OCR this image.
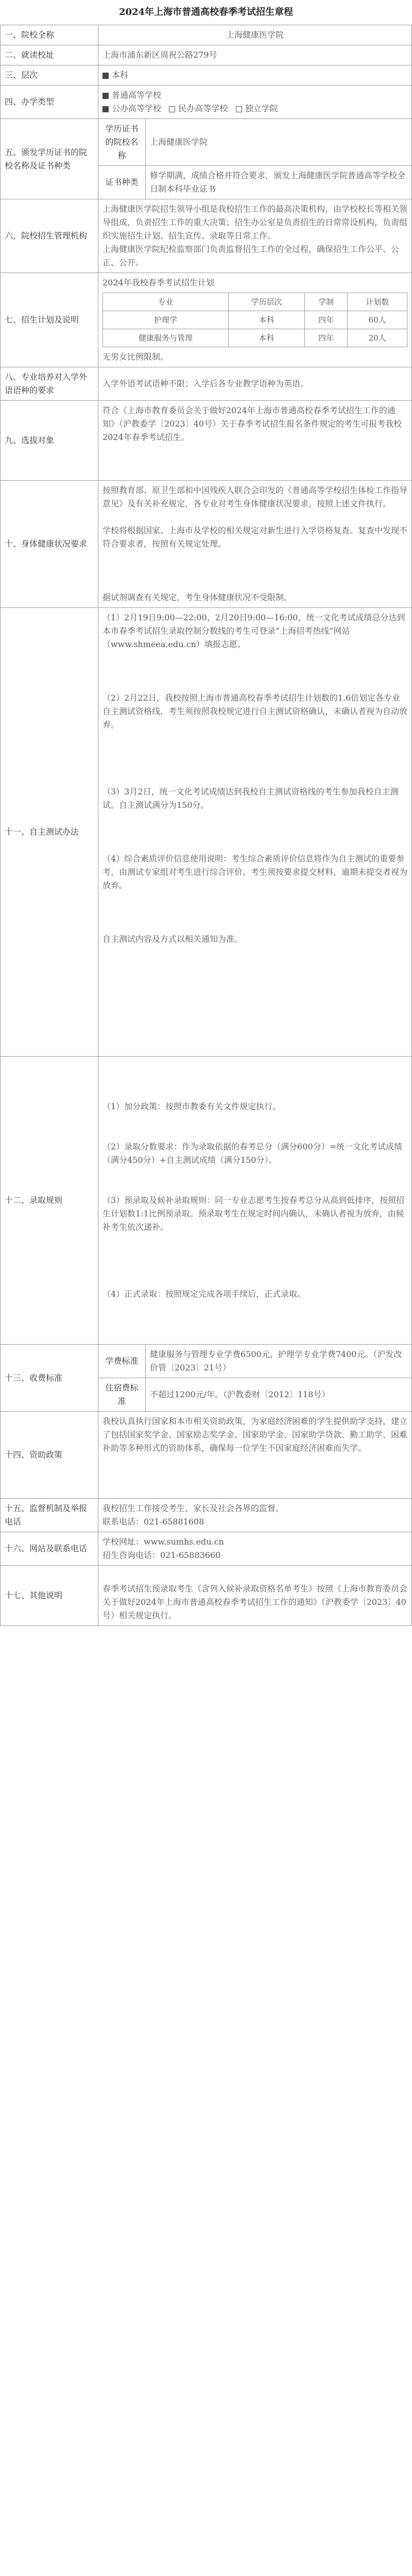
2024年上海市普通高校春季考试招生章程
一、院校全称	上海健康医学院
二、就读校址	上海市浦东新区周祝公路279号
三、层次	本科
四、办学类型	
普通高等学校
公办高等学校 民办高等学校 独立学院

五、颁发学历证书的院校名称及证书种类	学历证书的院校名称	上海健康医学院
证书种类	修学期满，成绩合格并符合要求，颁发上海健康医学院普通高等学校全日制本科毕业证书
六、院校招生管理机构	

上海健康医学院招生领导小组是我校招生工作的最高决策机构，由学校校长等相关领导组成，负责招生工作的重大决策；招生办公室是负责招生的日常常设机构，负责组织实施招生计划、招生宣传、录取等日常工作。

上海健康医学院纪检监察部门负责监督招生工作的全过程，确保招生工作公平、公正、公开。

七、招生计划及说明	
2024年我校春季考试招生计划
专业	学历层次	学制	计划数
护理学	本科	四年	60人
健康服务与管理	本科	四年	20人
无男女比例限制。

八、专业培养对入学外语语种的要求	入学外语考试语种不限；入学后各专业教学语种为英语。
九、选拔对象	符合《上海市教育委员会关于做好2024年上海市普通高校春季考试招生工作的通知》（沪教委学〔2023〕40号）关于春季考试招生报名条件规定的考生可报考我校2024年春季考试招生。
十、身体健康状况要求	

按照教育部、原卫生部和中国残疾人联合会印发的《普通高等学校招生体检工作指导意见》及有关补充规定，各专业对考生身体健康状况要求，按照上述文件执行。

学校将根据国家、上海市及学校的相关规定对新生进行入学资格复查。复查中发现不符合要求者，按照有关规定处理。

据试剂调查有关规定，考生身体健康状况不受限制。

十一、自主测试办法	

（1）2月19日9:00—22:00，2月20日9:00—16:00，统一文化考试成绩总分达到本市春季考试招生录取控制分数线的考生可登录“上海招考热线”网站（www.shmeea.edu.cn）填报志愿。

（2）2月22日，我校按照上海市普通高校春季考试招生计划数的1.6倍划定各专业自主测试资格线，考生须按照我校规定进行自主测试资格确认，未确认者视为自动放弃。

（3）3月2日，统一文化考试成绩达到我校自主测试资格线的考生参加我校自主测试。自主测试满分为150分。

（4）综合素质评价信息使用说明：考生综合素质评价信息将作为自主测试的重要参考，由测试专家组对考生进行综合评价。考生须按要求提交材料，逾期未提交者视为放弃。

自主测试内容及方式以相关通知为准。

十二、录取规则	

（1）加分政策：按照市教委有关文件规定执行。

（2）录取分数要求：作为录取依据的春考总分（满分600分）=统一文化考试成绩（满分450分）+自主测试成绩（满分150分）。

（3）预录取及候补录取规则：同一专业志愿考生按春考总分从高到低排序，按照招生计划数1:1比例预录取。预录取考生在规定时间内确认，未确认者视为放弃，由候补考生依次递补。

（4）正式录取：按照规定完成各项手续后，正式录取。

十三、收费标准	学费标准	健康服务与管理专业学费6500元，护理学专业学费7400元。（沪发改价管〔2023〕21号）
住宿费标准	不超过1200元/年。（沪教委财〔2012〕118号）
十四、资助政策	

我校认真执行国家和本市相关资助政策，为家庭经济困难的学生提供助学支持，建立了包括国家奖学金、国家励志奖学金、国家助学金、国家助学贷款、勤工助学、困难补助等多种形式的资助体系，确保每一位学生不因家庭经济困难而失学。

十五、监督机制及举报电话	

我校招生工作接受考生、家长及社会各界的监督。

联系电话：021-65881608

十六、网站及联系电话	

学校网址：www.sumhs.edu.cn

招生咨询电话：021-65883660

十七、其他说明	

春季考试招生预录取考生（含列入候补录取资格名单考生）按照《上海市教育委员会关于做好2024年上海市普通高校春季考试招生工作的通知》（沪教委学〔2023〕40号）相关规定执行。
